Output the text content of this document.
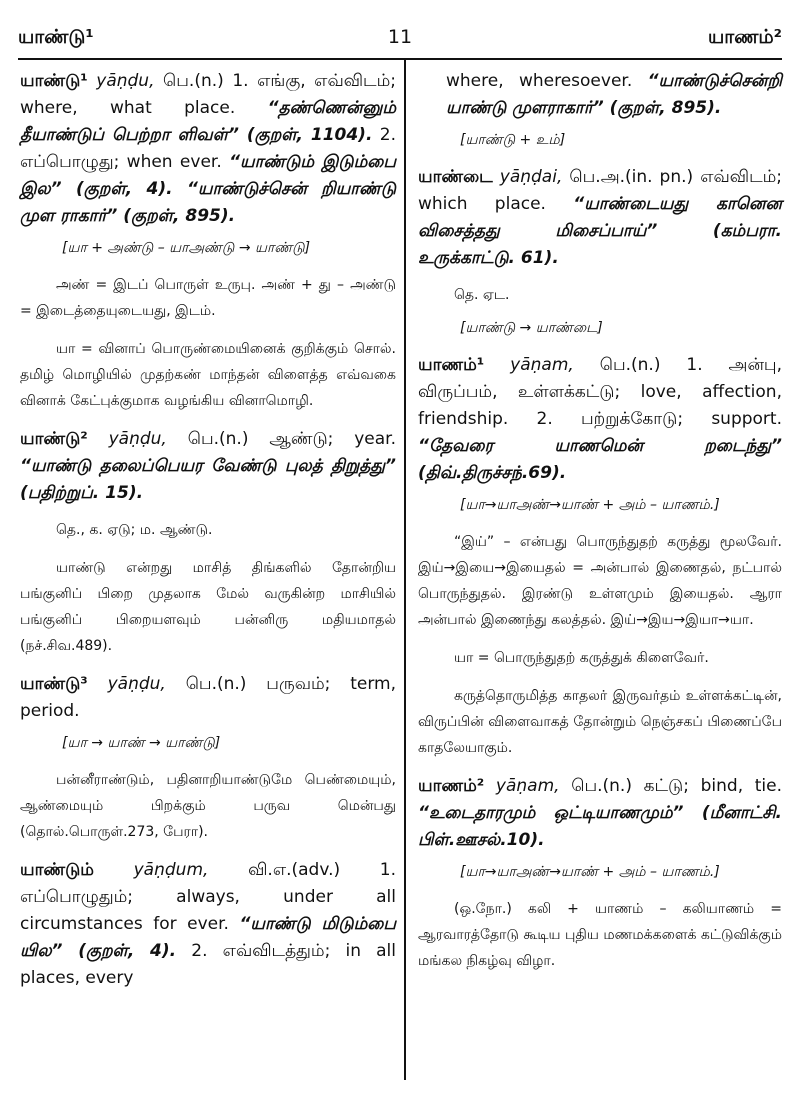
யாண்டு¹	11	யாணம்²
யாண்டு¹ yāṇḍu, பெ.(n.) 1. எங்கு, எவ்விடம்; where, what place. “தண்ணென்னும் தீயாண்டுப் பெற்றா ளிவள்” (குறள், 1104). 2. எப்பொழுது; when ever. “யாண்டும் இடும்பை இல” (குறள், 4). “யாண்டுச்சென் றியாண்டு முள ராகார்” (குறள், 895).
[யா + அண்டு – யாஅண்டு → யாண்டு]
அண் = இடப் பொருள் உருபு. அண் + து – அண்டு = இடைத்தையுடையது, இடம்.
யா = வினாப் பொருண்மையினைக் குறிக்கும் சொல். தமிழ் மொழியில் முதற்கண் மாந்தன் விளைத்த எவ்வகை வினாக் கேட்புக்குமாக வழங்கிய வினாமொழி.
யாண்டு² yāṇḍu, பெ.(n.) ஆண்டு; year. “யாண்டு தலைப்பெயர வேண்டு புலத் திறுத்து” (பதிற்றுப். 15).
தெ., க. ஏடு; ம. ஆண்டு.
யாண்டு என்றது மாசித் திங்களில் தோன்றிய பங்குனிப் பிறை முதலாக மேல் வருகின்ற மாசியில் பங்குனிப் பிறையளவும் பன்னிரு மதியமாதல் (நச்.சிவ.489).
யாண்டு³ yāṇḍu, பெ.(n.) பருவம்; term, period.
[யா → யாண் → யாண்டு]
பன்னீராண்டும், பதினாறியாண்டுமே பெண்மையும், ஆண்மையும் பிறக்கும் பருவ மென்பது (தொல்.பொருள்.273, பேரா).
யாண்டும் yāṇḍum, வி.எ.(adv.) 1. எப்பொழுதும்; always, under all circumstances for ever. “யாண்டு மிடும்பை யில” (குறள், 4). 2. எவ்விடத்தும்; in all places, every
where, wheresoever. “யாண்டுச்சென்றி யாண்டு முளராகார்” (குறள், 895).
[யாண்டு + உம்]
யாண்டை yāṇḍai, பெ.அ.(in. pn.) எவ்விடம்; which place. “யாண்டையது கானென விசைத்தது மிசைப்பாய்” (கம்பரா. உருக்காட்டு. 61).
தெ. ஏட.
[யாண்டு → யாண்டை]
யாணம்¹ yāṇam, பெ.(n.) 1. அன்பு, விருப்பம், உள்ளக்கட்டு; love, affection, friendship. 2. பற்றுக்கோடு; support. “தேவரை யாணமென் றடைந்து” (திவ்.திருச்சந்.69).
[யா→யாஅண்→யாண் + அம் – யாணம்.]
“இய்” – என்பது பொருந்துதற் கருத்து மூலவேர். இய்→இயை→இயைதல் = அன்பால் இணைதல், நட்பால் பொருந்துதல். இரண்டு உள்ளமும் இயைதல். ஆரா அன்பால் இணைந்து கலத்தல். இய்→இய→இயா→யா.
யா = பொருந்துதற் கருத்துக் கிளைவேர்.
கருத்தொருமித்த காதலர் இருவர்தம் உள்ளக்கட்டின், விருப்பின் விளைவாகத் தோன்றும் நெஞ்சகப் பிணைப்பே காதலேயாகும்.
யாணம்² yāṇam, பெ.(n.) கட்டு; bind, tie. “உடைதாரமும் ஒட்டியாணமும்” (மீனாட்சி. பிள்.ஊசல்.10).
[யா→யாஅண்→யாண் + அம் – யாணம்.]
(ஒ.நோ.) கலி + யாணம் – கலியாணம் = ஆரவாரத்தோடு கூடிய புதிய மணமக்களைக் கட்டுவிக்கும் மங்கல நிகழ்வு விழா.
